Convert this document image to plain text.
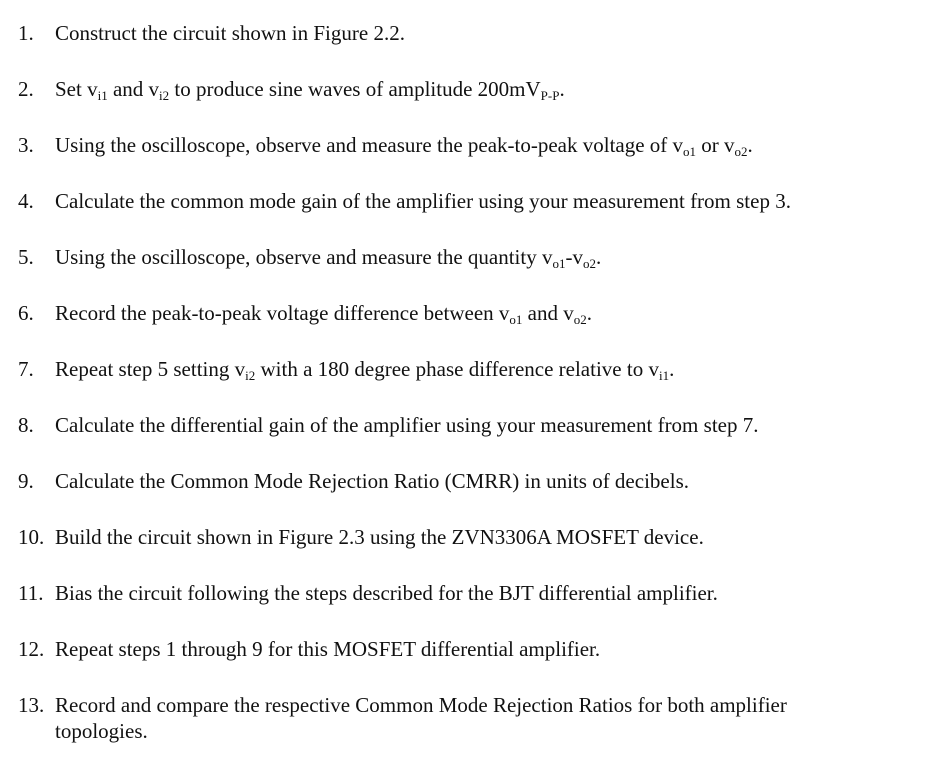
1. Construct the circuit shown in Figure 2.2.
2. Set $v_{i1}$ and $v_{i2}$ to produce sine waves of amplitude $200mV_{P-P}$.
3. Using the oscilloscope, observe and measure the peak-to-peak voltage of $v_{o1}$ or $v_{o2}$.
4. Calculate the common mode gain of the amplifier using your measurement from step 3.
5. Using the oscilloscope, observe and measure the quantity $v_{o1}-v_{o2}$.
6. Record the peak-to-peak voltage difference between $v_{o1}$ and $v_{o2}$.
7. Repeat step 5 setting $v_{i2}$ with a 180 degree phase difference relative to $v_{i1}$.
8. Calculate the differential gain of the amplifier using your measurement from step 7.
9. Calculate the Common Mode Rejection Ratio (CMRR) in units of decibels.
10. Build the circuit shown in Figure 2.3 using the ZVN3306A MOSFET device.
11. Bias the circuit following the steps described for the BJT differential amplifier.
12. Repeat steps 1 through 9 for this MOSFET differential amplifier.
13. Record and compare the respective Common Mode Rejection Ratios for both amplifier
topologies.
